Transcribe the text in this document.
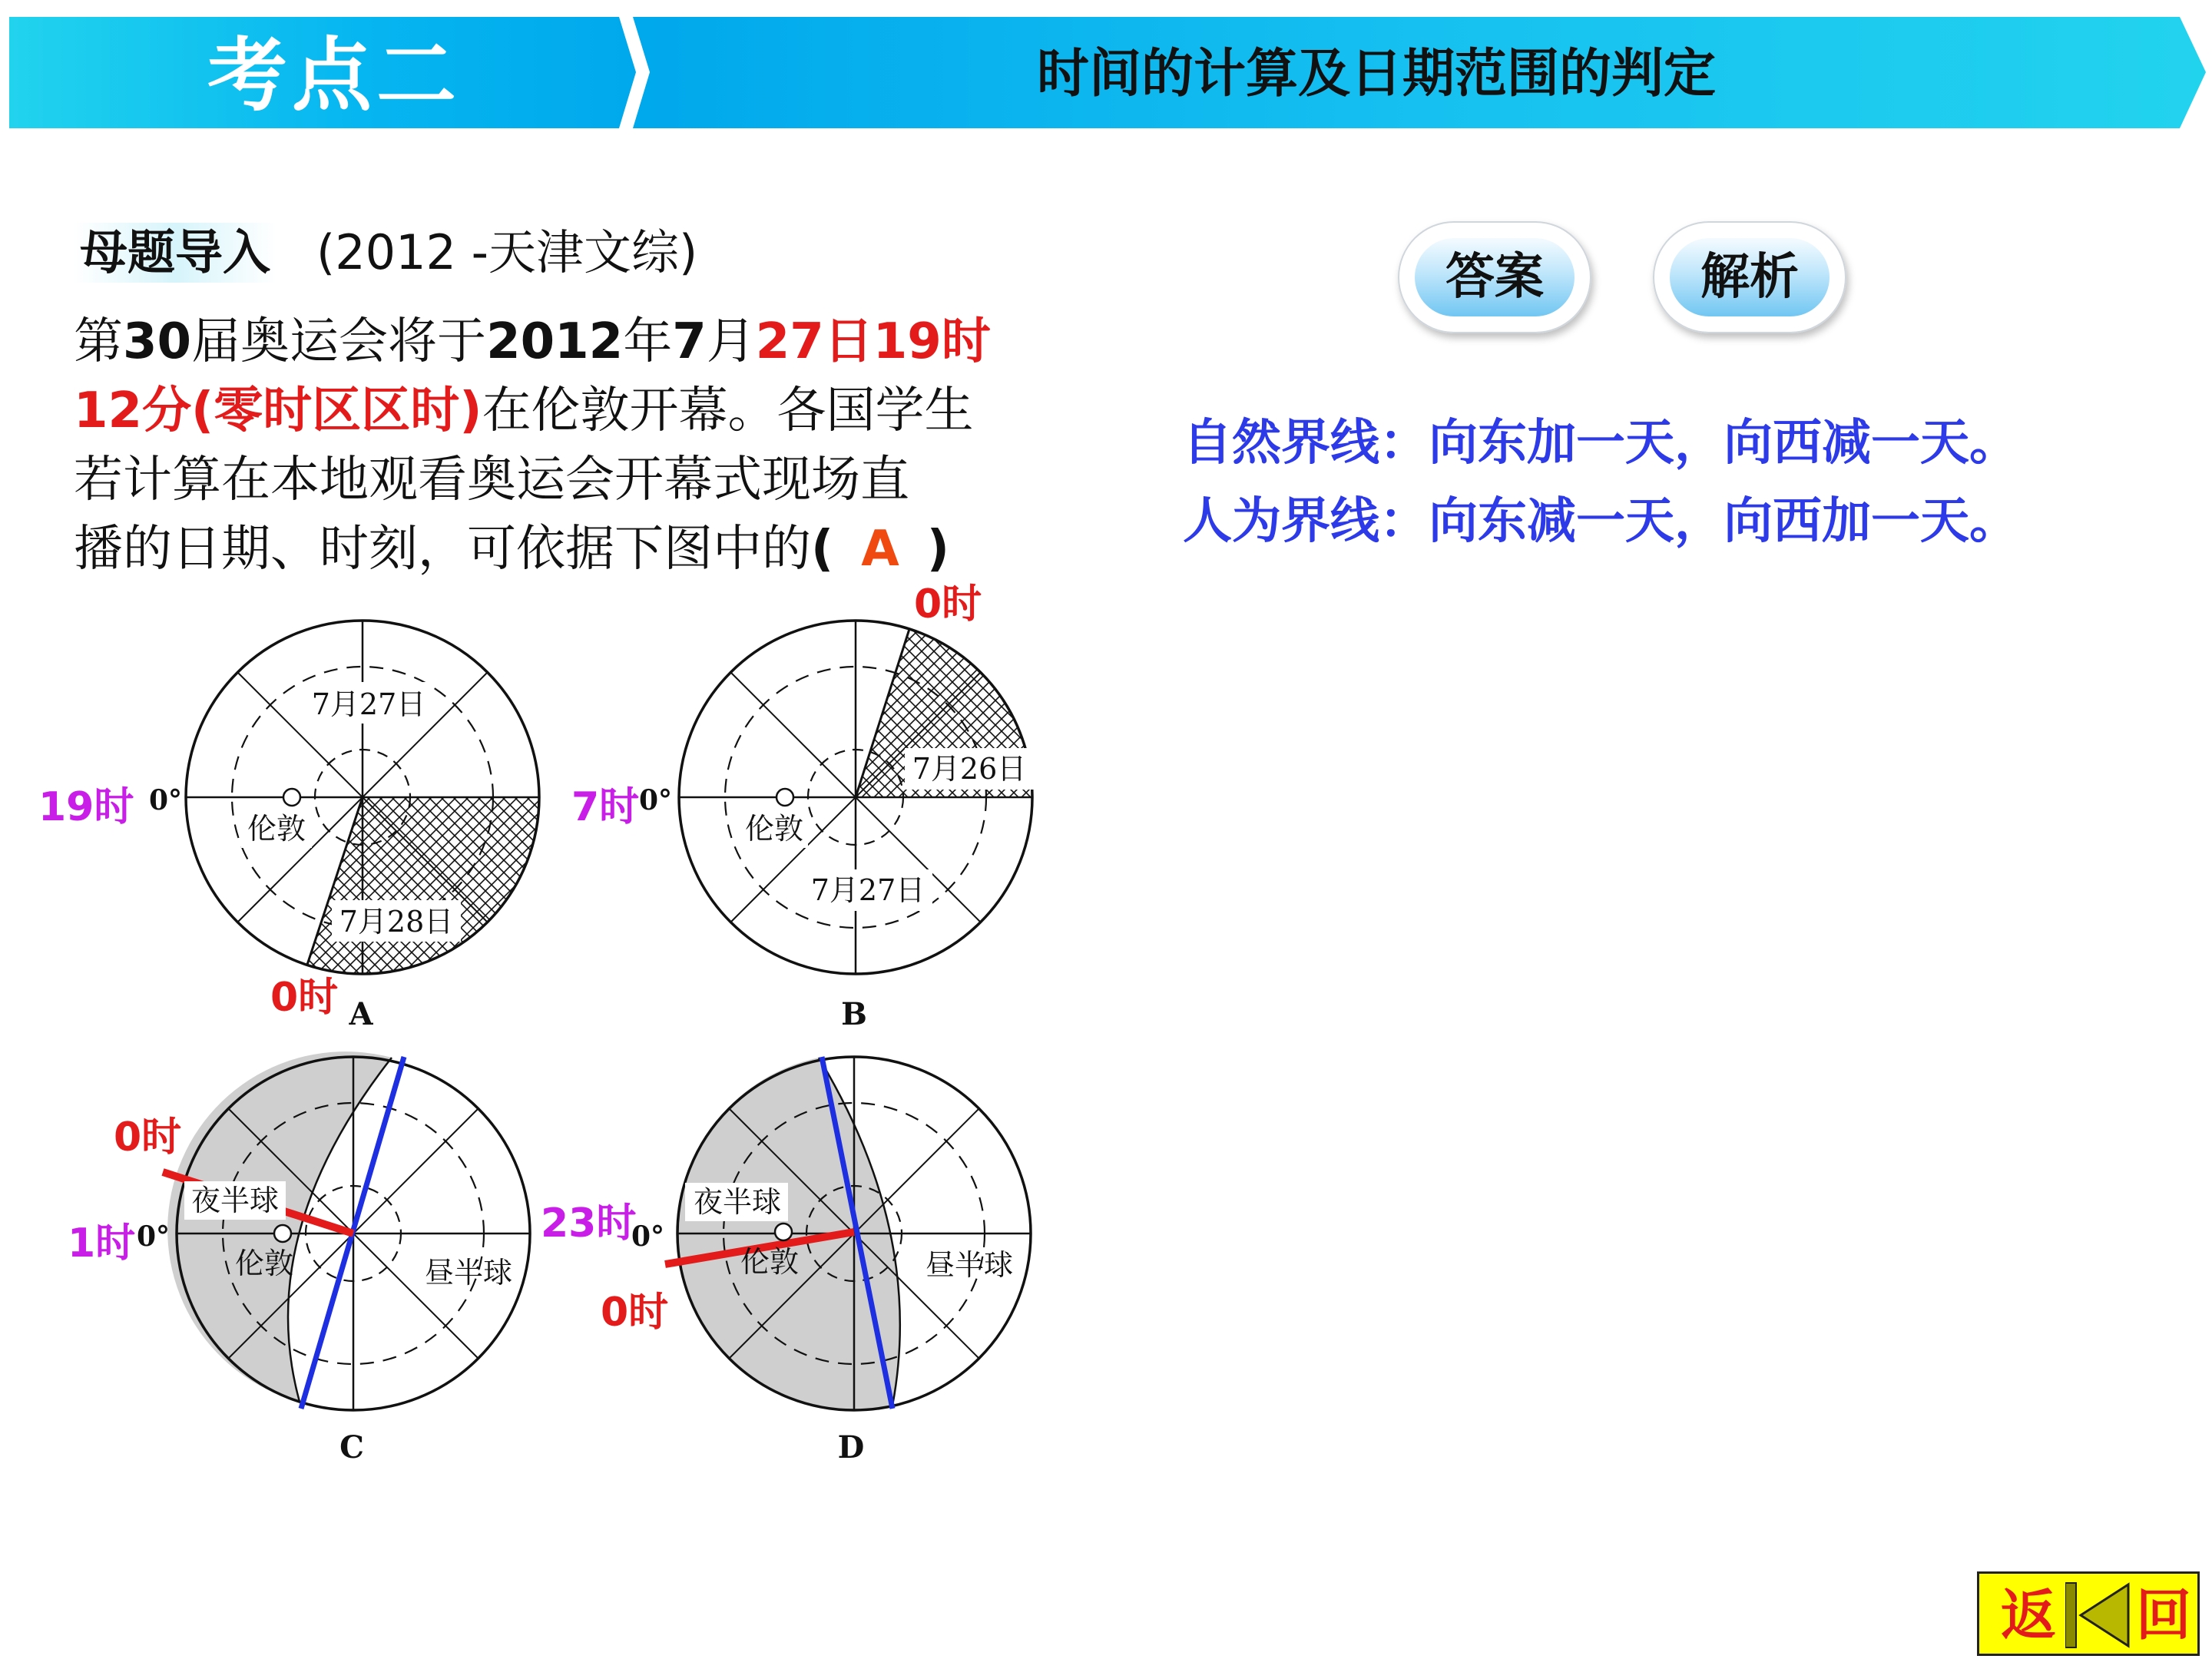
考点二	时间的计算及日期范围的判定
母题导入 (2012 -天津文综)
第30届奥运会将于2012年7月27日19时
12分(零时区区时)在伦敦开幕。各国学生
若计算在本地观看奥运会开幕式现场直
播的日期、时刻，可依据下图中的( A )
答案	解析
自然界线：向东加一天，向西减一天。
人为界线：向东减一天，向西加一天。
7月27日
7月28日
伦敦
0°
A
19时
0时
7月26日
7月27日
伦敦
0°
B
7时
0时
夜半球
昼半球
伦敦
0°
C
1时
0时
夜半球
昼半球
伦敦
0°
D
23时
0时
返 回
